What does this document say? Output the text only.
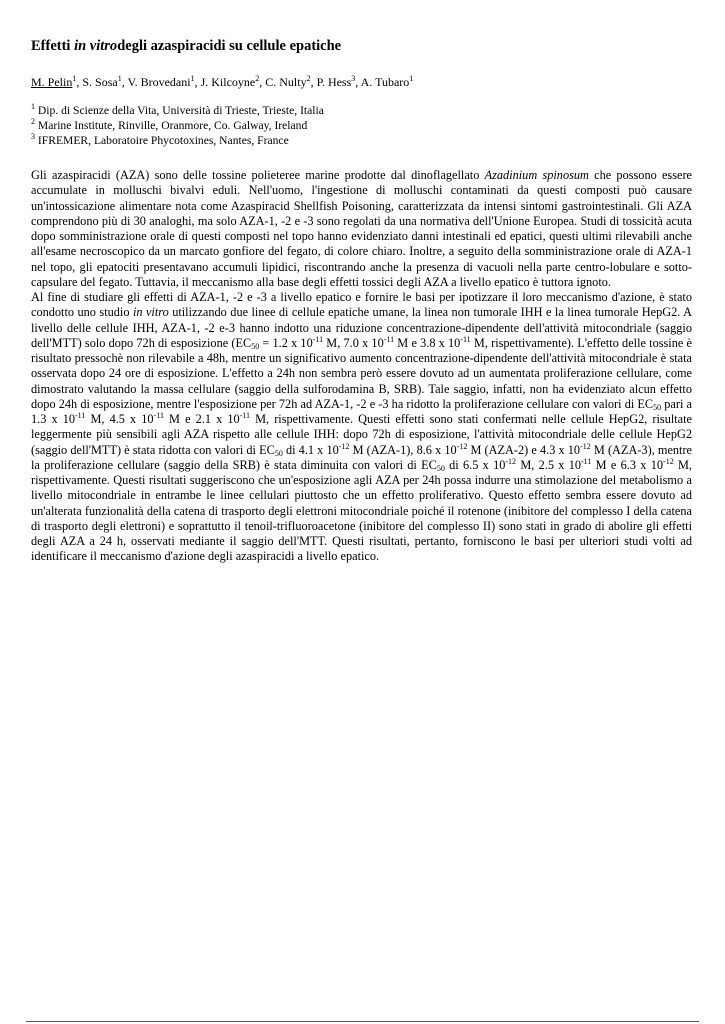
Effetti in vitrodegli azaspiracidi su cellule epatiche
M. Pelin$^1$, S. Sosa$^1$, V. Brovedani$^1$, J. Kilcoyne$^2$, C. Nulty$^2$, P. Hess$^3$, A. Tubaro$^1$
$^1$ Dip. di Scienze della Vita, Università di Trieste, Trieste, Italia
$^2$ Marine Institute, Rinville, Oranmore, Co. Galway, Ireland
$^3$ IFREMER, Laboratoire Phycotoxines, Nantes, France

Gli azaspiracidi (AZA) sono delle tossine polieteree marine prodotte dal dinoflagellato Azadinium spinosum che possono essere accumulate in molluschi bivalvi eduli. Nell'uomo, l'ingestione di molluschi contaminati da questi composti può causare un'intossicazione alimentare nota come Azaspiracid Shellfish Poisoning, caratterizzata da intensi sintomi gastrointestinali. Gli AZA comprendono più di 30 analoghi, ma solo AZA-1, -2 e -3 sono regolati da una normativa dell'Unione Europea. Studi di tossicità acuta dopo somministrazione orale di questi composti nel topo hanno evidenziato danni intestinali ed epatici, questi ultimi rilevabili anche all'esame necroscopico da un marcato gonfiore del fegato, di colore chiaro. Inoltre, a seguito della somministrazione orale di AZA-1 nel topo, gli epatociti presentavano accumuli lipidici, riscontrando anche la presenza di vacuoli nella parte centro-lobulare e sotto-capsulare del fegato. Tuttavia, il meccanismo alla base degli effetti tossici degli AZA a livello epatico è tuttora ignoto.

Al fine di studiare gli effetti di AZA-1, -2 e -3 a livello epatico e fornire le basi per ipotizzare il loro meccanismo d'azione, è stato condotto uno studio in vitro utilizzando due linee di cellule epatiche umane, la linea non tumorale IHH e la linea tumorale HepG2. A livello delle cellule IHH, AZA-1, -2 e-3 hanno indotto una riduzione concentrazione-dipendente dell'attività mitocondriale (saggio dell'MTT) solo dopo 72h di esposizione ($EC_{50} = 1.2$ x $10^{-11}$ M, 7.0 x $10^{-11}$ M e 3.8 x $10^{-11}$ M, rispettivamente). L'effetto delle tossine è risultato pressochè non rilevabile a 48h, mentre un significativo aumento concentrazione-dipendente dell'attività mitocondriale è stata osservata dopo 24 ore di esposizione. L'effetto a 24h non sembra però essere dovuto ad un aumentata proliferazione cellulare, come dimostrato valutando la massa cellulare (saggio della sulforodamina B, SRB). Tale saggio, infatti, non ha evidenziato alcun effetto dopo 24h di esposizione, mentre l'esposizione per 72h ad AZA-1, -2 e -3 ha ridotto la proliferazione cellulare con valori di $EC_{50}$ pari a 1.3 x $10^{-11}$ M, 4.5 x $10^{-11}$ M e 2.1 x $10^{-11}$ M, rispettivamente. Questi effetti sono stati confermati nelle cellule HepG2, risultate leggermente più sensibili agli AZA rispetto alle cellule IHH: dopo 72h di esposizione, l'attività mitocondriale delle cellule HepG2 (saggio dell'MTT) è stata ridotta con valori di $EC_{50}$ di 4.1 x $10^{-12}$ M (AZA-1), 8.6 x $10^{-12}$ M (AZA-2) e 4.3 x $10^{-12}$ M (AZA-3), mentre la proliferazione cellulare (saggio della SRB) è stata diminuita con valori di $EC_{50}$ di 6.5 x $10^{-12}$ M, 2.5 x $10^{-11}$ M e 6.3 x $10^{-12}$ M, rispettivamente. Questi risultati suggeriscono che un'esposizione agli AZA per 24h possa indurre una stimolazione del metabolismo a livello mitocondriale in entrambe le linee cellulari piuttosto che un effetto proliferativo. Questo effetto sembra essere dovuto ad un'alterata funzionalità della catena di trasporto degli elettroni mitocondriale poiché il rotenone (inibitore del complesso I della catena di trasporto degli elettroni) e soprattutto il tenoil-trifluoroacetone (inibitore del complesso II) sono stati in grado di abolire gli effetti degli AZA a 24 h, osservati mediante il saggio dell'MTT. Questi risultati, pertanto, forniscono le basi per ulteriori studi volti ad identificare il meccanismo d'azione degli azaspiracidi a livello epatico.
